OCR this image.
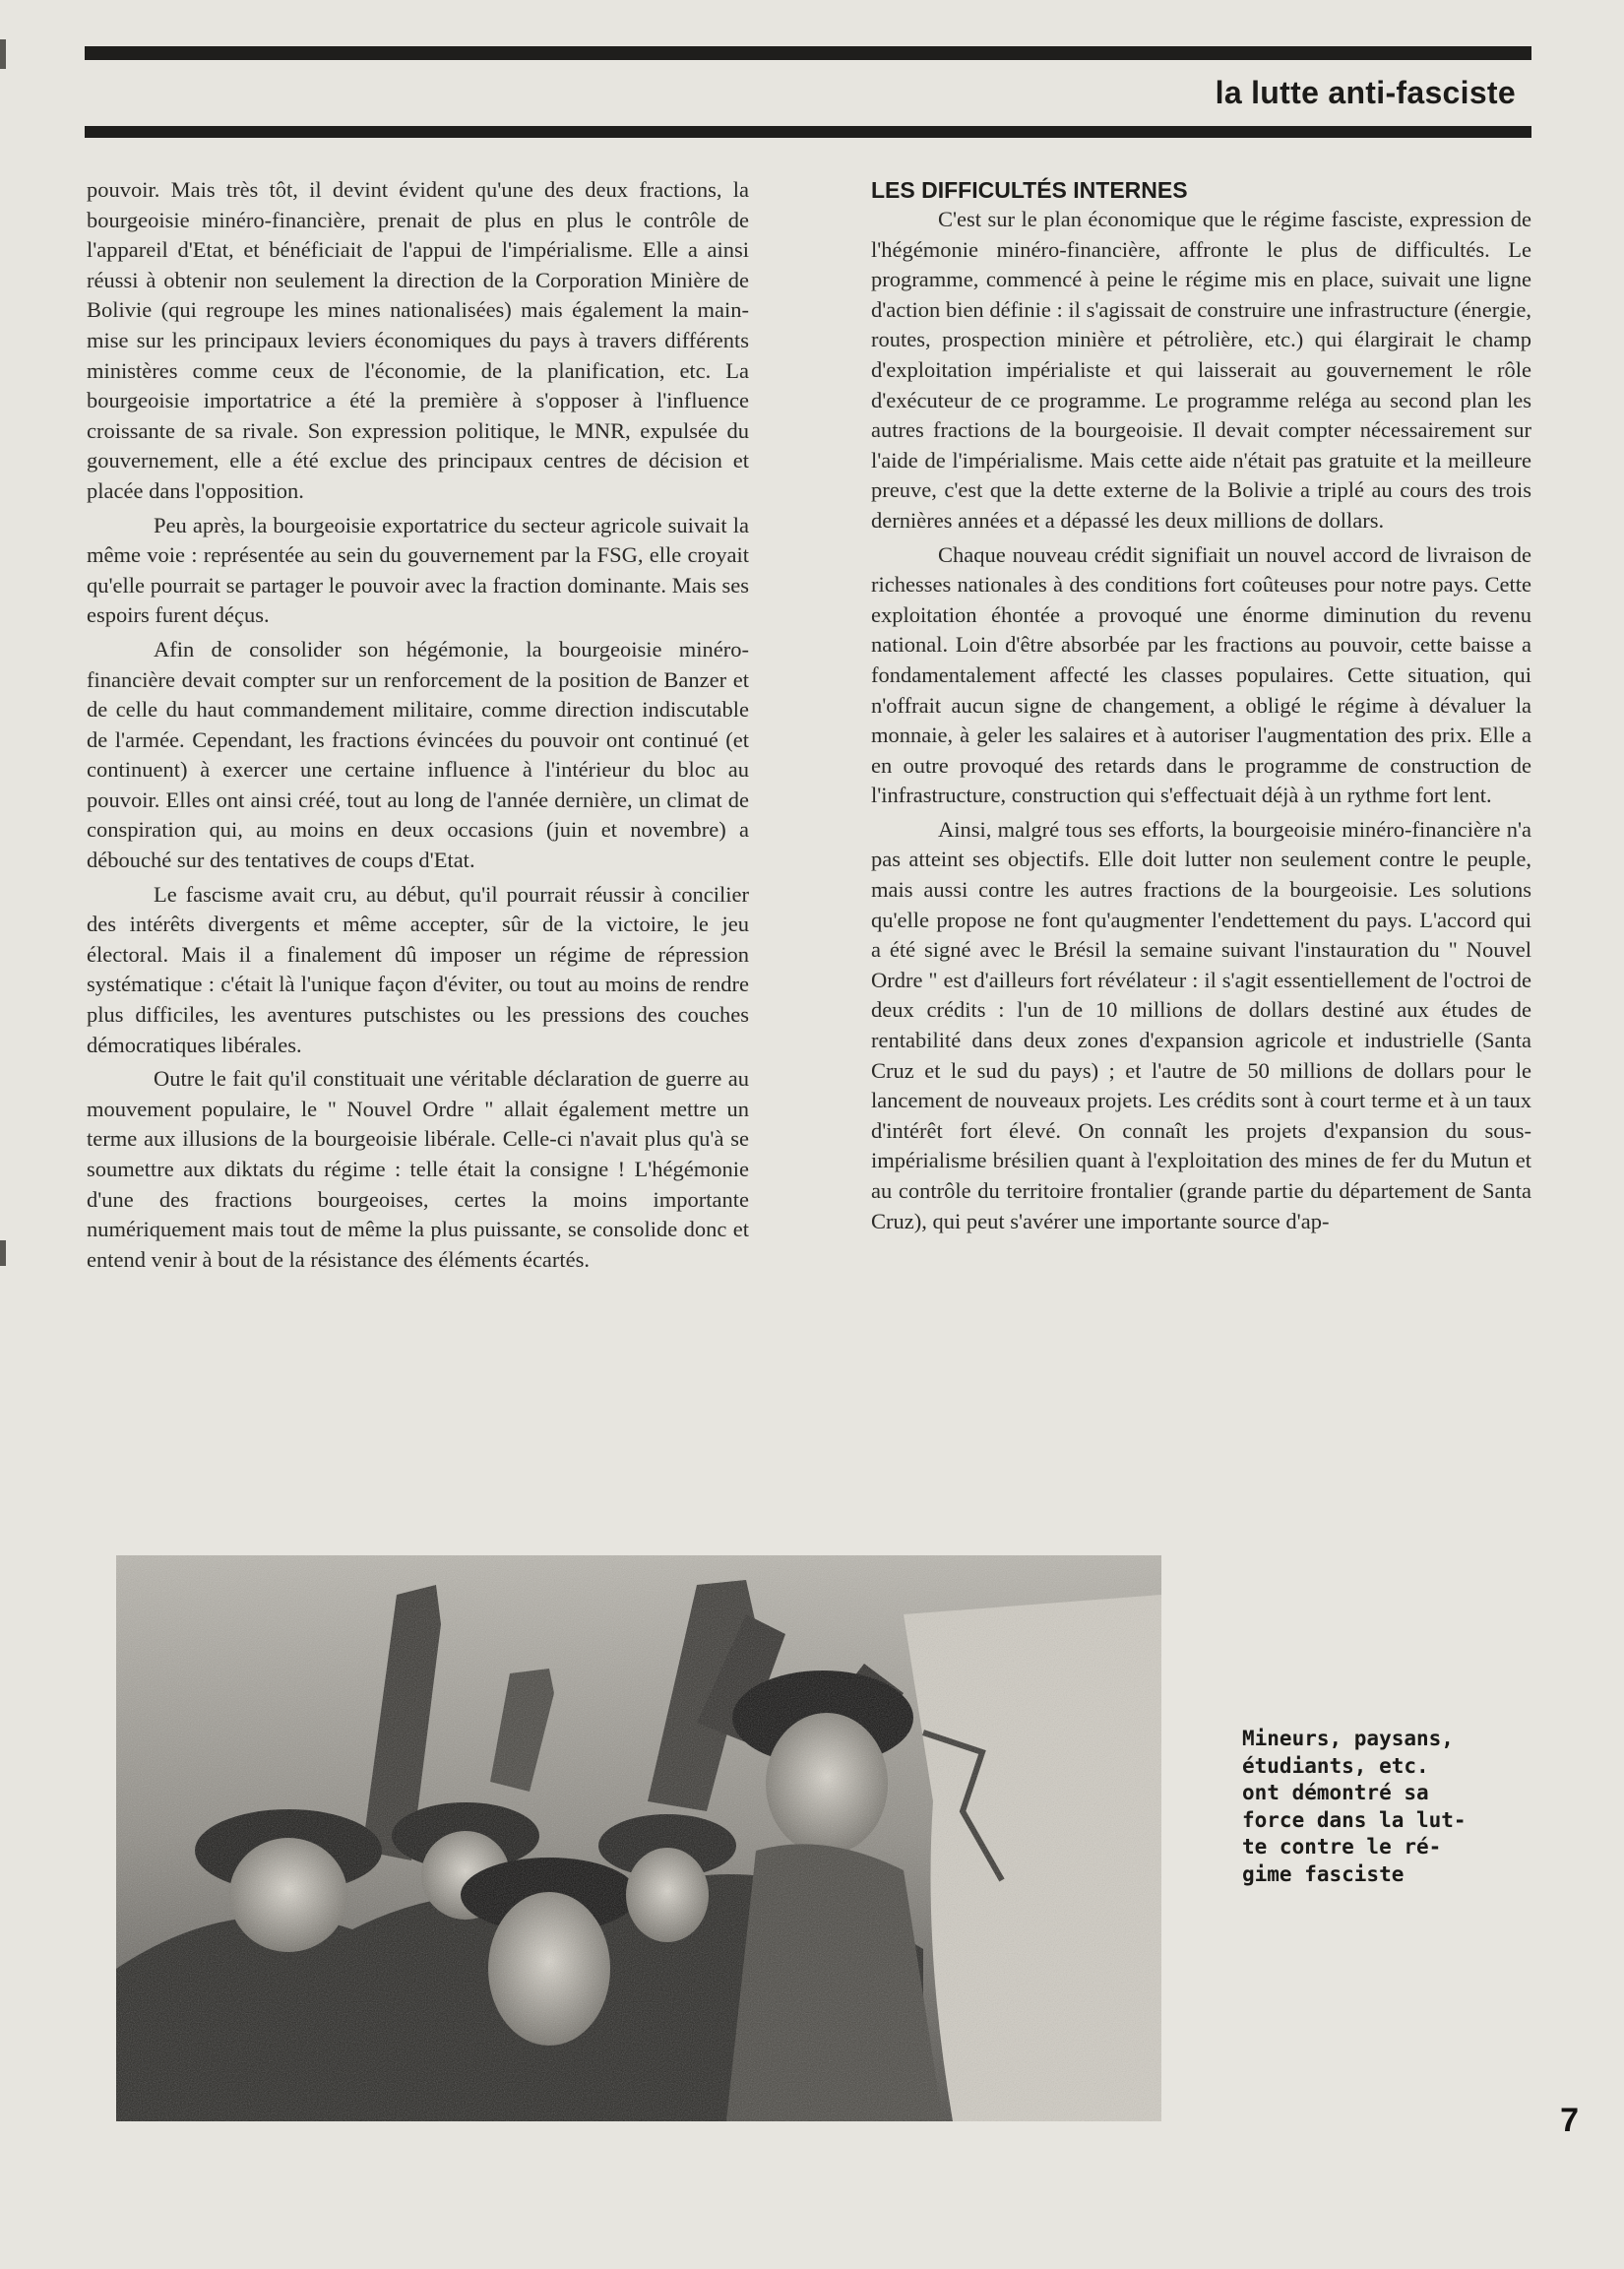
la lutte anti-fasciste

pouvoir. Mais très tôt, il devint évident qu'une des deux fractions, la bourgeoisie minéro-financière, prenait de plus en plus le contrôle de l'appareil d'Etat, et bénéficiait de l'appui de l'impérialisme. Elle a ainsi réussi à obtenir non seulement la direction de la Corporation Minière de Bolivie (qui regroupe les mines nationalisées) mais également la main-mise sur les principaux leviers économiques du pays à travers différents ministères comme ceux de l'économie, de la planification, etc. La bourgeoisie importatrice a été la première à s'opposer à l'influence croissante de sa rivale. Son expression politique, le MNR, expulsée du gouvernement, elle a été exclue des principaux centres de décision et placée dans l'opposition.

Peu après, la bourgeoisie exportatrice du secteur agricole suivait la même voie : représentée au sein du gouvernement par la FSG, elle croyait qu'elle pourrait se partager le pouvoir avec la fraction dominante. Mais ses espoirs furent déçus.

Afin de consolider son hégémonie, la bourgeoisie minéro-financière devait compter sur un renforcement de la position de Banzer et de celle du haut commandement militaire, comme direction indiscutable de l'armée. Cependant, les fractions évincées du pouvoir ont continué (et continuent) à exercer une certaine influence à l'intérieur du bloc au pouvoir. Elles ont ainsi créé, tout au long de l'année dernière, un climat de conspiration qui, au moins en deux occasions (juin et novembre) a débouché sur des tentatives de coups d'Etat.

Le fascisme avait cru, au début, qu'il pourrait réussir à concilier des intérêts divergents et même accepter, sûr de la victoire, le jeu électoral. Mais il a finalement dû imposer un régime de répression systématique : c'était là l'unique façon d'éviter, ou tout au moins de rendre plus difficiles, les aventures putschistes ou les pressions des couches démocratiques libérales.

Outre le fait qu'il constituait une véritable déclaration de guerre au mouvement populaire, le " Nouvel Ordre " allait également mettre un terme aux illusions de la bourgeoisie libérale. Celle-ci n'avait plus qu'à se soumettre aux diktats du régime : telle était la consigne ! L'hégémonie d'une des fractions bourgeoises, certes la moins importante numériquement mais tout de même la plus puissante, se consolide donc et entend venir à bout de la résistance des éléments écartés.

LES DIFFICULTÉS INTERNES

C'est sur le plan économique que le régime fasciste, expression de l'hégémonie minéro-financière, affronte le plus de difficultés. Le programme, commencé à peine le régime mis en place, suivait une ligne d'action bien définie : il s'agissait de construire une infrastructure (énergie, routes, prospection minière et pétrolière, etc.) qui élargirait le champ d'exploitation impérialiste et qui laisserait au gouvernement le rôle d'exécuteur de ce programme. Le programme reléga au second plan les autres fractions de la bourgeoisie. Il devait compter nécessairement sur l'aide de l'impérialisme. Mais cette aide n'était pas gratuite et la meilleure preuve, c'est que la dette externe de la Bolivie a triplé au cours des trois dernières années et a dépassé les deux millions de dollars.

Chaque nouveau crédit signifiait un nouvel accord de livraison de richesses nationales à des conditions fort coûteuses pour notre pays. Cette exploitation éhontée a provoqué une énorme diminution du revenu national. Loin d'être absorbée par les fractions au pouvoir, cette baisse a fondamentalement affecté les classes populaires. Cette situation, qui n'offrait aucun signe de changement, a obligé le régime à dévaluer la monnaie, à geler les salaires et à autoriser l'augmentation des prix. Elle a en outre provoqué des retards dans le programme de construction de l'infrastructure, construction qui s'effectuait déjà à un rythme fort lent.

Ainsi, malgré tous ses efforts, la bourgeoisie minéro-financière n'a pas atteint ses objectifs. Elle doit lutter non seulement contre le peuple, mais aussi contre les autres fractions de la bourgeoisie. Les solutions qu'elle propose ne font qu'augmenter l'endettement du pays. L'accord qui a été signé avec le Brésil la semaine suivant l'instauration du " Nouvel Ordre " est d'ailleurs fort révélateur : il s'agit essentiellement de l'octroi de deux crédits : l'un de 10 millions de dollars destiné aux études de rentabilité dans deux zones d'expansion agricole et industrielle (Santa Cruz et le sud du pays) ; et l'autre de 50 millions de dollars pour le lancement de nouveaux projets. Les crédits sont à court terme et à un taux d'intérêt fort élevé. On connaît les projets d'expansion du sous-impérialisme brésilien quant à l'exploitation des mines de fer du Mutun et au contrôle du territoire frontalier (grande partie du département de Santa Cruz), qui peut s'avérer une importante source d'ap-

Mineurs, paysans,
étudiants, etc.
ont démontré sa
force dans la lut-
te contre le ré-
gime fasciste
7
